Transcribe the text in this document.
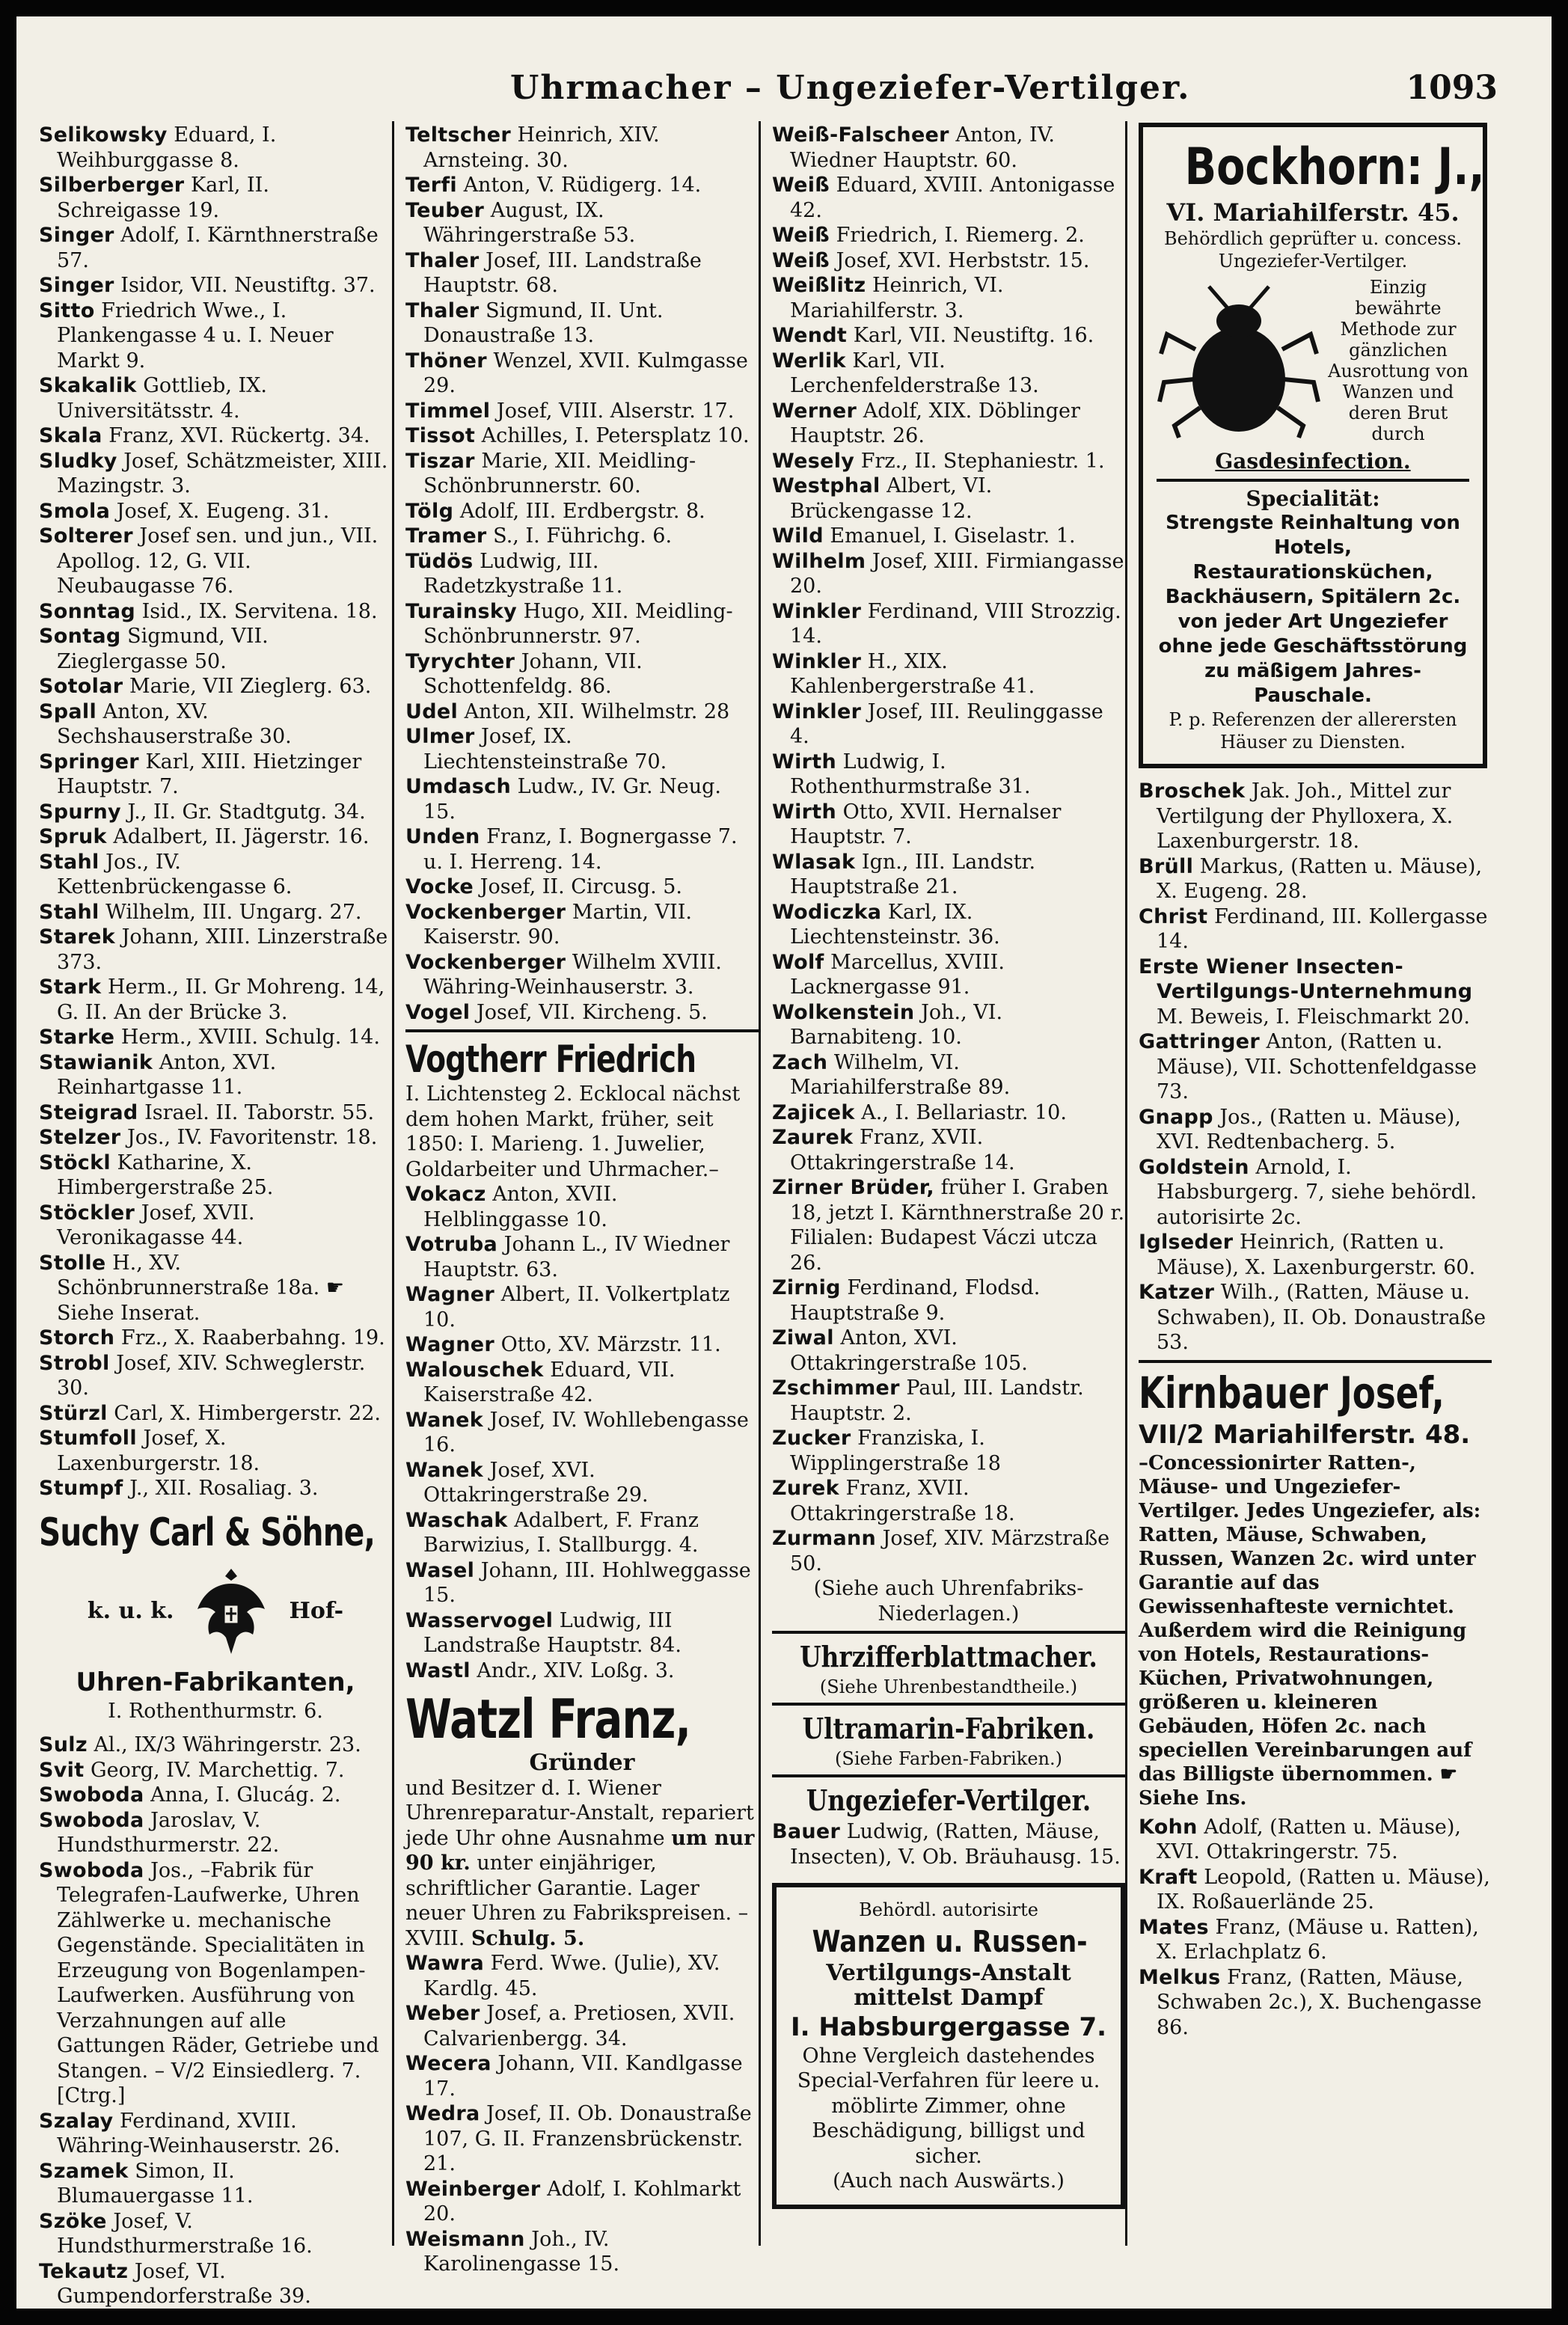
Uhrmacher – Ungeziefer-Vertilger.	1093
Selikowsky Eduard, I. Weihburggasse 8.
Silberberger Karl, II. Schreigasse 19.
Singer Adolf, I. Kärnthnerstraße 57.
Singer Isidor, VII. Neustiftg. 37.
Sitto Friedrich Wwe., I. Plankengasse 4 u. I. Neuer Markt 9.
Skakalik Gottlieb, IX. Universitätsstr. 4.
Skala Franz, XVI. Rückertg. 34.
Sludky Josef, Schätzmeister, XIII. Mazingstr. 3.
Smola Josef, X. Eugeng. 31.
Solterer Josef sen. und jun., VII. Apollog. 12, G. VII. Neubaugasse 76.
Sonntag Isid., IX. Servitena. 18.
Sontag Sigmund, VII. Zieglergasse 50.
Sotolar Marie, VII Zieglerg. 63.
Spall Anton, XV. Sechshauserstraße 30.
Springer Karl, XIII. Hietzinger Hauptstr. 7.
Spurny J., II. Gr. Stadtgutg. 34.
Spruk Adalbert, II. Jägerstr. 16.
Stahl Jos., IV. Kettenbrückengasse 6.
Stahl Wilhelm, III. Ungarg. 27.
Starek Johann, XIII. Linzerstraße 373.
Stark Herm., II. Gr Mohreng. 14, G. II. An der Brücke 3.
Starke Herm., XVIII. Schulg. 14.
Stawianik Anton, XVI. Reinhartgasse 11.
Steigrad Israel. II. Taborstr. 55.
Stelzer Jos., IV. Favoritenstr. 18.
Stöckl Katharine, X. Himbergerstraße 25.
Stöckler Josef, XVII. Veronikagasse 44.
Stolle H., XV. Schönbrunnerstraße 18a. ☛ Siehe Inserat.
Storch Frz., X. Raaberbahng. 19.
Strobl Josef, XIV. Schweglerstr. 30.
Stürzl Carl, X. Himbergerstr. 22.
Stumfoll Josef, X. Laxenburgerstr. 18.
Stumpf J., XII. Rosaliag. 3.
Suchy Carl & Söhne,
k. u. k.	Hof-
Uhren-Fabrikanten,
I. Rothenthurmstr. 6.
Sulz Al., IX/3 Währingerstr. 23.
Svit Georg, IV. Marchettig. 7.
Swoboda Anna, I. Glucág. 2.
Swoboda Jaroslav, V. Hundsthurmerstr. 22.
Swoboda Jos., –Fabrik für Telegrafen-Laufwerke, Uhren Zählwerke u. mechanische Gegenstände. Specialitäten in Erzeugung von Bogenlampen-Laufwerken. Ausführung von Verzahnungen auf alle Gattungen Räder, Getriebe und Stangen. – V/2 Einsiedlerg. 7. [Ctrg.]
Szalay Ferdinand, XVIII. Währing-Weinhauserstr. 26.
Szamek Simon, II. Blumauergasse 11.
Szöke Josef, V. Hundsthurmerstraße 16.
Tekautz Josef, VI. Gumpendorferstraße 39.
Teltscher Heinrich, XIV. Arnsteing. 30.
Terfi Anton, V. Rüdigerg. 14.
Teuber August, IX. Währingerstraße 53.
Thaler Josef, III. Landstraße Hauptstr. 68.
Thaler Sigmund, II. Unt. Donaustraße 13.
Thöner Wenzel, XVII. Kulmgasse 29.
Timmel Josef, VIII. Alserstr. 17.
Tissot Achilles, I. Petersplatz 10.
Tiszar Marie, XII. Meidling-Schönbrunnerstr. 60.
Tölg Adolf, III. Erdbergstr. 8.
Tramer S., I. Führichg. 6.
Tüdös Ludwig, III. Radetzkystraße 11.
Turainsky Hugo, XII. Meidling-Schönbrunnerstr. 97.
Tyrychter Johann, VII. Schottenfeldg. 86.
Udel Anton, XII. Wilhelmstr. 28
Ulmer Josef, IX. Liechtensteinstraße 70.
Umdasch Ludw., IV. Gr. Neug. 15.
Unden Franz, I. Bognergasse 7. u. I. Herreng. 14.
Vocke Josef, II. Circusg. 5.
Vockenberger Martin, VII. Kaiserstr. 90.
Vockenberger Wilhelm XVIII. Währing-Weinhauserstr. 3.
Vogel Josef, VII. Kircheng. 5.
Vogtherr Friedrich
I. Lichtensteg 2. Ecklocal nächst dem hohen Markt, früher, seit 1850: I. Marieng. 1. Juwelier, Goldarbeiter und Uhrmacher.–
Vokacz Anton, XVII. Helblinggasse 10.
Votruba Johann L., IV Wiedner Hauptstr. 63.
Wagner Albert, II. Volkertplatz 10.
Wagner Otto, XV. Märzstr. 11.
Walouschek Eduard, VII. Kaiserstraße 42.
Wanek Josef, IV. Wohllebengasse 16.
Wanek Josef, XVI. Ottakringerstraße 29.
Waschak Adalbert, F. Franz Barwizius, I. Stallburgg. 4.
Wasel Johann, III. Hohlweggasse 15.
Wasservogel Ludwig, III Landstraße Hauptstr. 84.
Wastl Andr., XIV. Loßg. 3.
Watzl Franz,
Gründer
und Besitzer d. I. Wiener Uhrenreparatur-Anstalt, repariert jede Uhr ohne Ausnahme um nur 90 kr. unter einjähriger, schriftlicher Garantie. Lager neuer Uhren zu Fabrikspreisen. –XVIII. Schulg. 5.
Wawra Ferd. Wwe. (Julie), XV. Kardlg. 45.
Weber Josef, a. Pretiosen, XVII. Calvarienbergg. 34.
Wecera Johann, VII. Kandlgasse 17.
Wedra Josef, II. Ob. Donaustraße 107, G. II. Franzensbrückenstr. 21.
Weinberger Adolf, I. Kohlmarkt 20.
Weismann Joh., IV. Karolinengasse 15.
Weiß-Falscheer Anton, IV. Wiedner Hauptstr. 60.
Weiß Eduard, XVIII. Antonigasse 42.
Weiß Friedrich, I. Riemerg. 2.
Weiß Josef, XVI. Herbststr. 15.
Weißlitz Heinrich, VI. Mariahilferstr. 3.
Wendt Karl, VII. Neustiftg. 16.
Werlik Karl, VII. Lerchenfelderstraße 13.
Werner Adolf, XIX. Döblinger Hauptstr. 26.
Wesely Frz., II. Stephaniestr. 1.
Westphal Albert, VI. Brückengasse 12.
Wild Emanuel, I. Giselastr. 1.
Wilhelm Josef, XIII. Firmiangasse 20.
Winkler Ferdinand, VIII Strozzig. 14.
Winkler H., XIX. Kahlenbergerstraße 41.
Winkler Josef, III. Reulinggasse 4.
Wirth Ludwig, I. Rothenthurmstraße 31.
Wirth Otto, XVII. Hernalser Hauptstr. 7.
Wlasak Ign., III. Landstr. Hauptstraße 21.
Wodiczka Karl, IX. Liechtensteinstr. 36.
Wolf Marcellus, XVIII. Lacknergasse 91.
Wolkenstein Joh., VI. Barnabiteng. 10.
Zach Wilhelm, VI. Mariahilferstraße 89.
Zajicek A., I. Bellariastr. 10.
Zaurek Franz, XVII. Ottakringerstraße 14.
Zirner Brüder, früher I. Graben 18, jetzt I. Kärnthnerstraße 20 r. Filialen: Budapest Váczi utcza 26.
Zirnig Ferdinand, Flodsd. Hauptstraße 9.
Ziwal Anton, XVI. Ottakringerstraße 105.
Zschimmer Paul, III. Landstr. Hauptstr. 2.
Zucker Franziska, I. Wipplingerstraße 18
Zurek Franz, XVII. Ottakringerstraße 18.
Zurmann Josef, XIV. Märzstraße 50.
(Siehe auch Uhrenfabriks-Niederlagen.)
Uhrzifferblattmacher.
(Siehe Uhrenbestandtheile.)
Ultramarin-Fabriken.
(Siehe Farben-Fabriken.)
Ungeziefer-Vertilger.
Bauer Ludwig, (Ratten, Mäuse, Insecten), V. Ob. Bräuhausg. 15.
Behördl. autorisirte
Wanzen u. Russen-
Vertilgungs-Anstalt
mittelst Dampf
I. Habsburgergasse 7.
Ohne Vergleich dastehendes Special-Verfahren für leere u. möblirte Zimmer, ohne Beschädigung, billigst und sicher.
(Auch nach Auswärts.)
Bockhorn: J.,
VI. Mariahilferstr. 45.
Behördlich geprüfter u. concess. Ungeziefer-Vertilger.
Einzig bewährte Methode zur gänzlichen Ausrottung von Wanzen und deren Brut durch
Gasdesinfection.
Specialität:
Strengste Reinhaltung von Hotels, Restaurationsküchen, Backhäusern, Spitälern 2c. von jeder Art Ungeziefer ohne jede Geschäftsstörung zu mäßigem Jahres-Pauschale.
P. p. Referenzen der allerersten Häuser zu Diensten.
Broschek Jak. Joh., Mittel zur Vertilgung der Phylloxera, X. Laxenburgerstr. 18.
Brüll Markus, (Ratten u. Mäuse), X. Eugeng. 28.
Christ Ferdinand, III. Kollergasse 14.
Erste Wiener Insecten-Vertilgungs-Unternehmung M. Beweis, I. Fleischmarkt 20.
Gattringer Anton, (Ratten u. Mäuse), VII. Schottenfeldgasse 73.
Gnapp Jos., (Ratten u. Mäuse), XVI. Redtenbacherg. 5.
Goldstein Arnold, I. Habsburgerg. 7, siehe behördl. autorisirte 2c.
Iglseder Heinrich, (Ratten u. Mäuse), X. Laxenburgerstr. 60.
Katzer Wilh., (Ratten, Mäuse u. Schwaben), II. Ob. Donaustraße 53.
Kirnbauer Josef,
VII/2 Mariahilferstr. 48.
–Concessionirter Ratten-, Mäuse- und Ungeziefer-Vertilger. Jedes Ungeziefer, als: Ratten, Mäuse, Schwaben, Russen, Wanzen 2c. wird unter Garantie auf das Gewissenhafteste vernichtet. Außerdem wird die Reinigung von Hotels, Restaurations-Küchen, Privatwohnungen, größeren u. kleineren Gebäuden, Höfen 2c. nach speciellen Vereinbarungen auf das Billigste übernommen. ☛ Siehe Ins.
Kohn Adolf, (Ratten u. Mäuse), XVI. Ottakringerstr. 75.
Kraft Leopold, (Ratten u. Mäuse), IX. Roßauerlände 25.
Mates Franz, (Mäuse u. Ratten), X. Erlachplatz 6.
Melkus Franz, (Ratten, Mäuse, Schwaben 2c.), X. Buchengasse 86.
